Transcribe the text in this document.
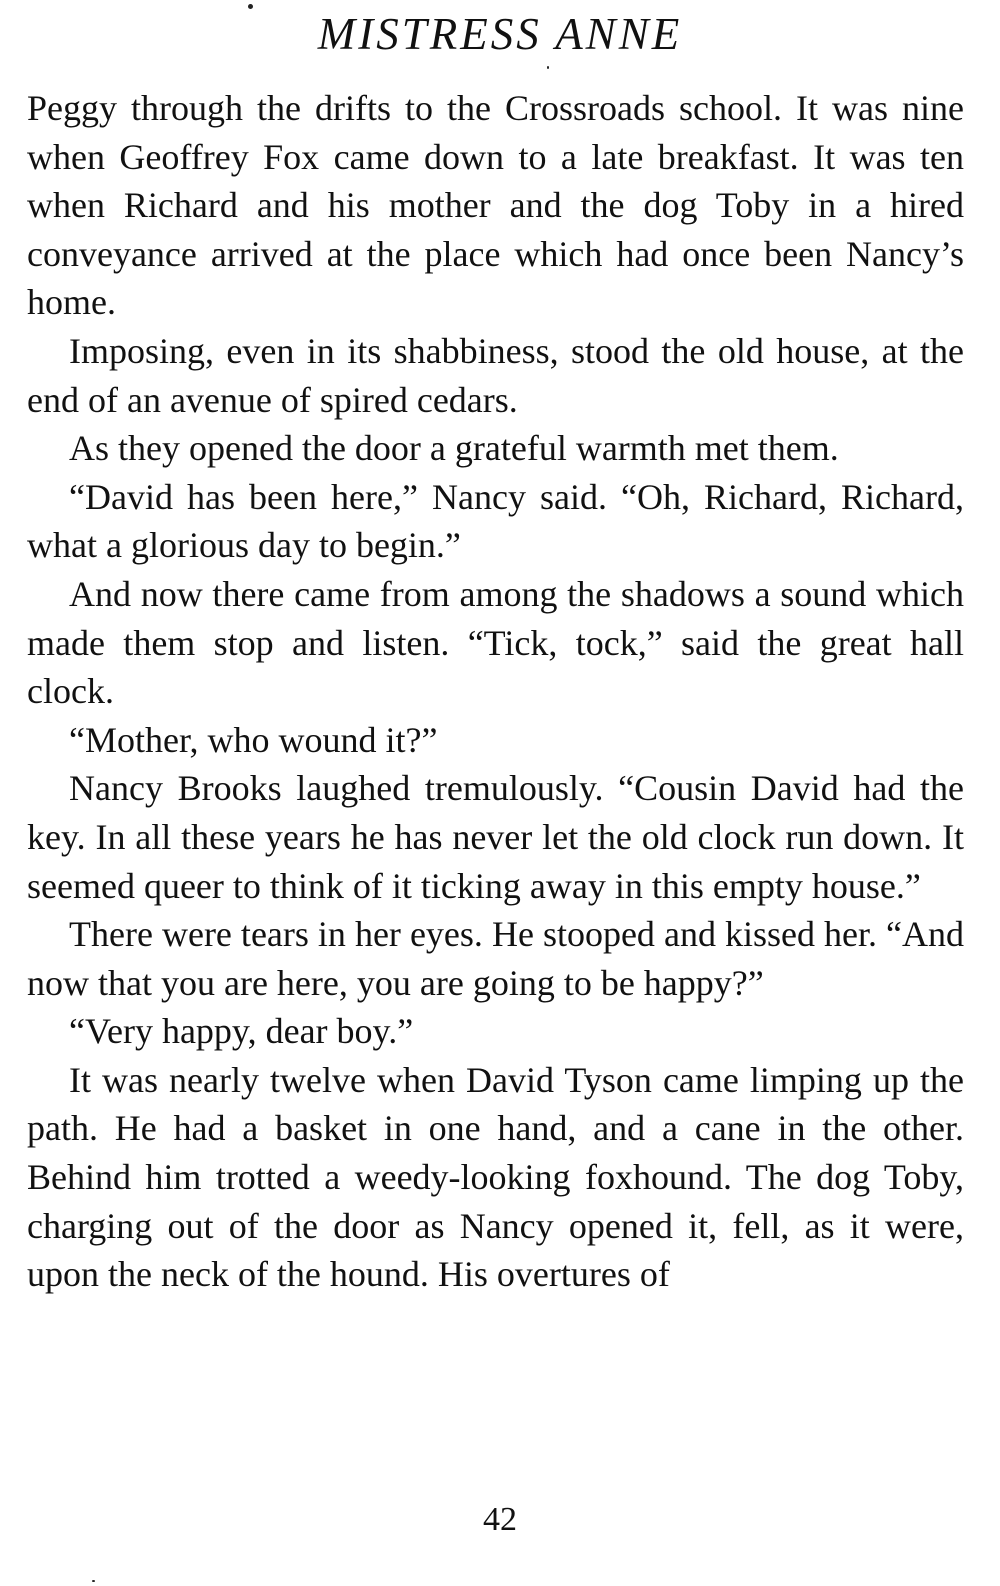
MISTRESS ANNE

Peggy through the drifts to the Crossroads school. It was nine when Geoffrey Fox came down to a late breakfast. It was ten when Richard and his mother and the dog Toby in a hired conveyance arrived at the place which had once been Nancy’s home.

Imposing, even in its shabbiness, stood the old house, at the end of an avenue of spired cedars.

As they opened the door a grateful warmth met them.

“David has been here,” Nancy said. “Oh, Richard, Richard, what a glorious day to begin.”

And now there came from among the shadows a sound which made them stop and listen. “Tick, tock,” said the great hall clock.

“Mother, who wound it?”

Nancy Brooks laughed tremulously. “Cousin David had the key. In all these years he has never let the old clock run down. It seemed queer to think of it ticking away in this empty house.”

There were tears in her eyes. He stooped and kissed her. “And now that you are here, you are going to be happy?”

“Very happy, dear boy.”

It was nearly twelve when David Tyson came limping up the path. He had a basket in one hand, and a cane in the other. Behind him trotted a weedy-looking foxhound. The dog Toby, charging out of the door as Nancy opened it, fell, as it were, upon the neck of the hound. His overtures of

42
